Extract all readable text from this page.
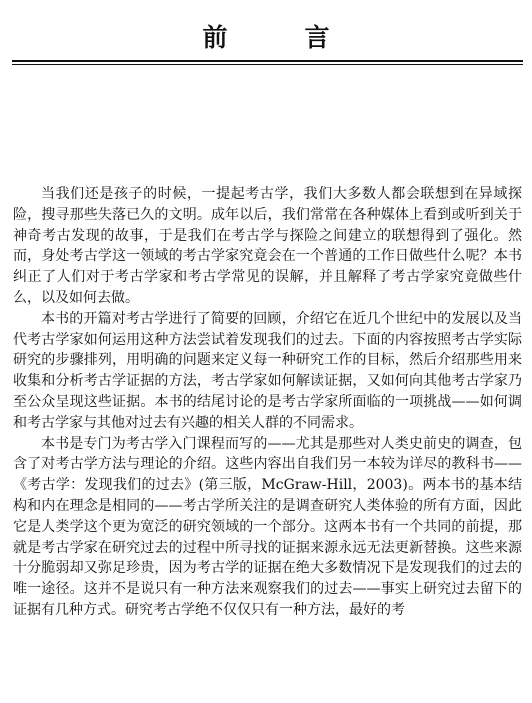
前　言

当我们还是孩子的时候，一提起考古学，我们大多数人都会联想到在异域探险，搜寻那些失落已久的文明。成年以后，我们常常在各种媒体上看到或听到关于神奇考古发现的故事，于是我们在考古学与探险之间建立的联想得到了强化。然而，身处考古学这一领域的考古学家究竟会在一个普通的工作日做些什么呢？本书纠正了人们对于考古学家和考古学常见的误解，并且解释了考古学家究竟做些什么，以及如何去做。

本书的开篇对考古学进行了简要的回顾，介绍它在近几个世纪中的发展以及当代考古学家如何运用这种方法尝试着发现我们的过去。下面的内容按照考古学实际研究的步骤排列，用明确的问题来定义每一种研究工作的目标，然后介绍那些用来收集和分析考古学证据的方法，考古学家如何解读证据，又如何向其他考古学家乃至公众呈现这些证据。本书的结尾讨论的是考古学家所面临的一项挑战——如何调和考古学家与其他对过去有兴趣的相关人群的不同需求。

本书是专门为考古学入门课程而写的——尤其是那些对人类史前史的调查，包含了对考古学方法与理论的介绍。这些内容出自我们另一本较为详尽的教科书——《考古学：发现我们的过去》(第三版，McGraw-Hill，2003)。两本书的基本结构和内在理念是相同的——考古学所关注的是调查研究人类体验的所有方面，因此它是人类学这个更为宽泛的研究领域的一个部分。这两本书有一个共同的前提，那就是考古学家在研究过去的过程中所寻找的证据来源永远无法更新替换。这些来源十分脆弱却又弥足珍贵，因为考古学的证据在绝大多数情况下是发现我们的过去的唯一途径。这并不是说只有一种方法来观察我们的过去——事实上研究过去留下的证据有几种方式。研究考古学绝不仅仅只有一种方法，最好的考
